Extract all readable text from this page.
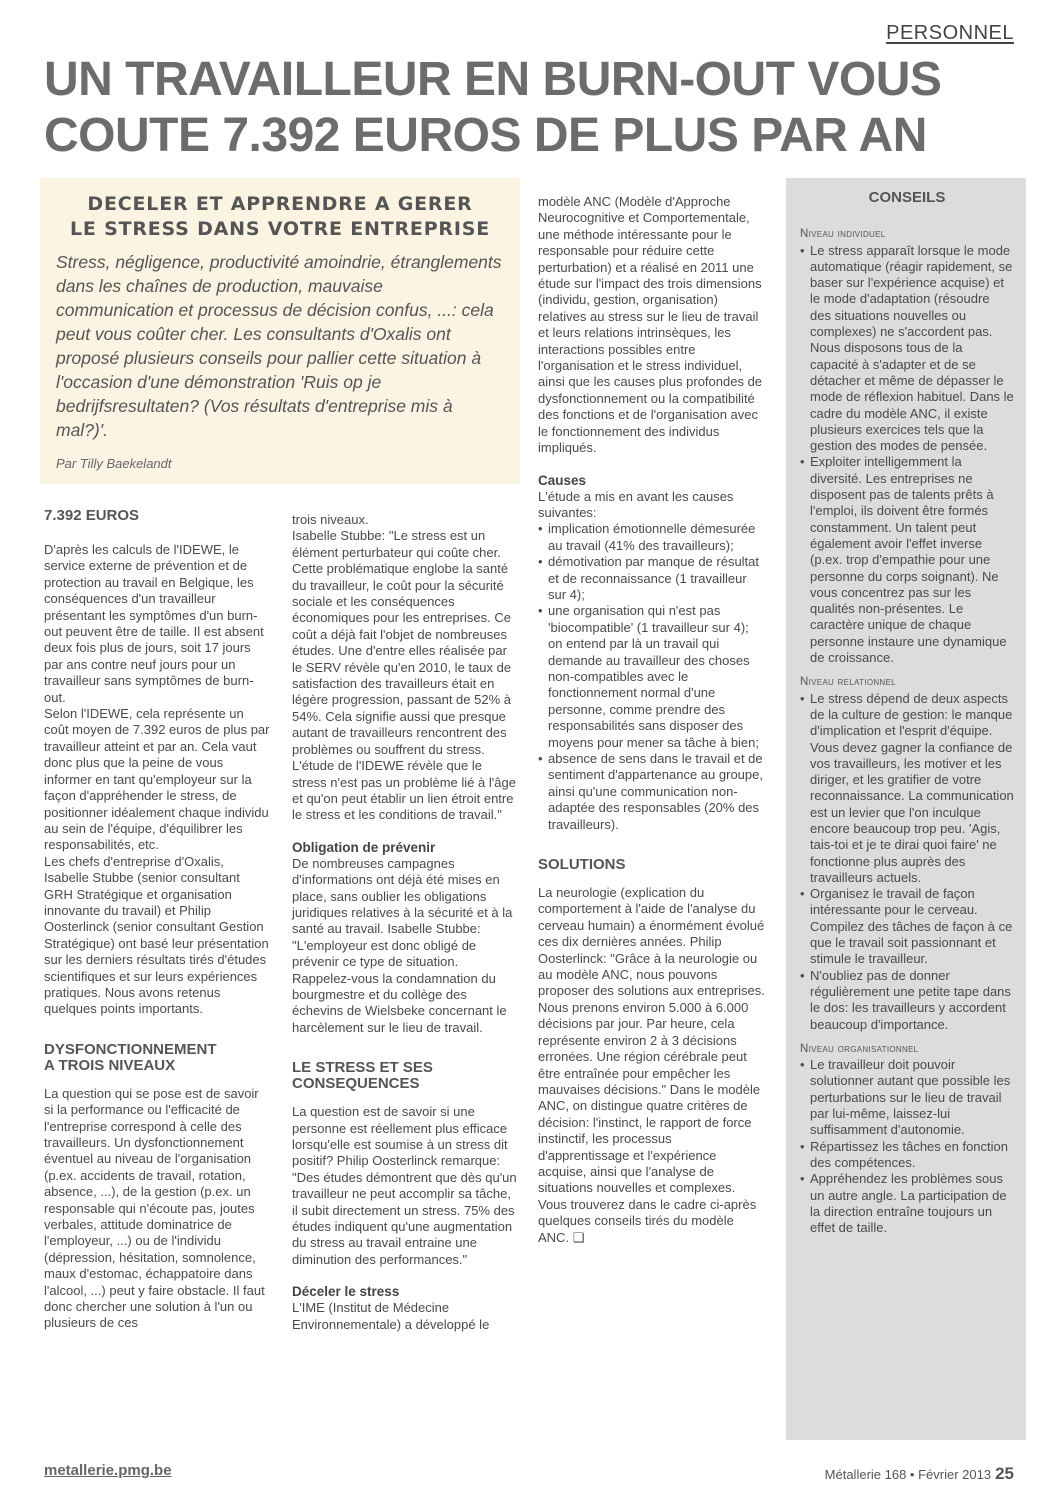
PERSONNEL
UN TRAVAILLEUR EN BURN-OUT VOUS COUTE 7.392 EUROS DE PLUS PAR AN
DECELER ET APPRENDRE A GERER
LE STRESS DANS VOTRE ENTREPRISE

Stress, négligence, productivité amoindrie, étranglements dans les chaînes de production, mauvaise communication et processus de décision confus, ...: cela peut vous coûter cher. Les consultants d'Oxalis ont proposé plusieurs conseils pour pallier cette situation à l'occasion d'une démonstration 'Ruis op je bedrijfsresultaten? (Vos résultats d'entreprise mis à mal?)'.

Par Tilly Baekelandt

7.392 EUROS

D'après les calculs de l'IDEWE, le service externe de prévention et de protection au travail en Belgique, les conséquences d'un travailleur présentant les symptômes d'un burn-out peuvent être de taille. Il est absent deux fois plus de jours, soit 17 jours par ans contre neuf jours pour un travailleur sans symptômes de burn-out.

Selon l'IDEWE, cela représente un coût moyen de 7.392 euros de plus par travailleur atteint et par an. Cela vaut donc plus que la peine de vous informer en tant qu'employeur sur la façon d'appréhender le stress, de positionner idéalement chaque individu au sein de l'équipe, d'équilibrer les responsabilités, etc.

Les chefs d'entreprise d'Oxalis, Isabelle Stubbe (senior consultant GRH Stratégique et organisation innovante du travail) et Philip Oosterlinck (senior consultant Gestion Stratégique) ont basé leur présentation sur les derniers résultats tirés d'études scientifiques et sur leurs expériences pratiques. Nous avons retenus quelques points importants.

DYSFONCTIONNEMENT
A TROIS NIVEAUX

La question qui se pose est de savoir si la performance ou l'efficacité de l'entreprise correspond à celle des travailleurs. Un dysfonctionnement éventuel au niveau de l'organisation (p.ex. accidents de travail, rotation, absence, ...), de la gestion (p.ex. un responsable qui n'écoute pas, joutes verbales, attitude dominatrice de l'employeur, ...) ou de l'individu (dépression, hésitation, somnolence, maux d'estomac, échappatoire dans l'alcool, ...) peut y faire obstacle. Il faut donc chercher une solution à l'un ou plusieurs de ces

trois niveaux.

Isabelle Stubbe: "Le stress est un élément perturbateur qui coûte cher. Cette problématique englobe la santé du travailleur, le coût pour la sécurité sociale et les conséquences économiques pour les entreprises. Ce coût a déjà fait l'objet de nombreuses études. Une d'entre elles réalisée par le SERV révèle qu'en 2010, le taux de satisfaction des travailleurs était en légère progression, passant de 52% à 54%. Cela signifie aussi que presque autant de travailleurs rencontrent des problèmes ou souffrent du stress. L'étude de l'IDEWE révèle que le stress n'est pas un problème lié à l'âge et qu'on peut établir un lien étroit entre le stress et les conditions de travail."

Obligation de prévenir

De nombreuses campagnes d'informations ont déjà été mises en place, sans oublier les obligations juridiques relatives à la sécurité et à la santé au travail. Isabelle Stubbe: "L'employeur est donc obligé de prévenir ce type de situation. Rappelez-vous la condamnation du bourgmestre et du collège des échevins de Wielsbeke concernant le harcèlement sur le lieu de travail.

LE STRESS ET SES
CONSEQUENCES

La question est de savoir si une personne est réellement plus efficace lorsqu'elle est soumise à un stress dit positif? Philip Oosterlinck remarque: "Des études démontrent que dès qu'un travailleur ne peut accomplir sa tâche, il subit directement un stress. 75% des études indiquent qu'une augmentation du stress au travail entraine une diminution des performances."

Déceler le stress

L'IME (Institut de Médecine Environnementale) a développé le

modèle ANC (Modèle d'Approche Neurocognitive et Comportementale, une méthode intéressante pour le responsable pour réduire cette perturbation) et a réalisé en 2011 une étude sur l'impact des trois dimensions (individu, gestion, organisation) relatives au stress sur le lieu de travail et leurs relations intrinsèques, les interactions possibles entre l'organisation et le stress individuel, ainsi que les causes plus profondes de dysfonctionnement ou la compatibilité des fonctions et de l'organisation avec le fonctionnement des individus impliqués.

Causes

L'étude a mis en avant les causes suivantes:

• implication émotionnelle démesurée au travail (41% des travailleurs);
• démotivation par manque de résultat et de reconnaissance (1 travailleur sur 4);
• une organisation qui n'est pas 'biocompatible' (1 travailleur sur 4); on entend par là un travail qui demande au travailleur des choses non-compatibles avec le fonctionnement normal d'une personne, comme prendre des responsabilités sans disposer des moyens pour mener sa tâche à bien;
• absence de sens dans le travail et de sentiment d'appartenance au groupe, ainsi qu'une communication non-adaptée des responsables (20% des travailleurs).
SOLUTIONS

La neurologie (explication du comportement à l'aide de l'analyse du cerveau humain) a énormément évolué ces dix dernières années. Philip Oosterlinck: "Grâce à la neurologie ou au modèle ANC, nous pouvons proposer des solutions aux entreprises. Nous prenons environ 5.000 à 6.000 décisions par jour. Par heure, cela représente environ 2 à 3 décisions erronées. Une région cérébrale peut être entraînée pour empêcher les mauvaises décisions." Dans le modèle ANC, on distingue quatre critères de décision: l'instinct, le rapport de force instinctif, les processus d'apprentissage et l'expérience acquise, ainsi que l'analyse de situations nouvelles et complexes.

Vous trouverez dans le cadre ci-après quelques conseils tirés du modèle ANC. ❑

CONSEILS
Niveau individuel
• Le stress apparaît lorsque le mode automatique (réagir rapidement, se baser sur l'expérience acquise) et le mode d'adaptation (résoudre des situations nouvelles ou complexes) ne s'accordent pas. Nous disposons tous de la capacité à s'adapter et de se détacher et même de dépasser le mode de réflexion habituel. Dans le cadre du modèle ANC, il existe plusieurs exercices tels que la gestion des modes de pensée.
• Exploiter intelligemment la diversité. Les entreprises ne disposent pas de talents prêts à l'emploi, ils doivent être formés constamment. Un talent peut également avoir l'effet inverse (p.ex. trop d'empathie pour une personne du corps soignant). Ne vous concentrez pas sur les qualités non-présentes. Le caractère unique de chaque personne instaure une dynamique de croissance.
Niveau relationnel
• Le stress dépend de deux aspects de la culture de gestion: le manque d'implication et l'esprit d'équipe. Vous devez gagner la confiance de vos travailleurs, les motiver et les diriger, et les gratifier de votre reconnaissance. La communication est un levier que l'on inculque encore beaucoup trop peu. 'Agis, tais-toi et je te dirai quoi faire' ne fonctionne plus auprès des travailleurs actuels.
• Organisez le travail de façon intéressante pour le cerveau. Compilez des tâches de façon à ce que le travail soit passionnant et stimule le travailleur.
• N'oubliez pas de donner régulièrement une petite tape dans le dos: les travailleurs y accordent beaucoup d'importance.
Niveau organisationnel
• Le travailleur doit pouvoir solutionner autant que possible les perturbations sur le lieu de travail par lui-même, laissez-lui suffisamment d'autonomie.
• Répartissez les tâches en fonction des compétences.
• Appréhendez les problèmes sous un autre angle. La participation de la direction entraîne toujours un effet de taille.
metallerie.pmg.be	Métallerie 168 • Février 2013 25
